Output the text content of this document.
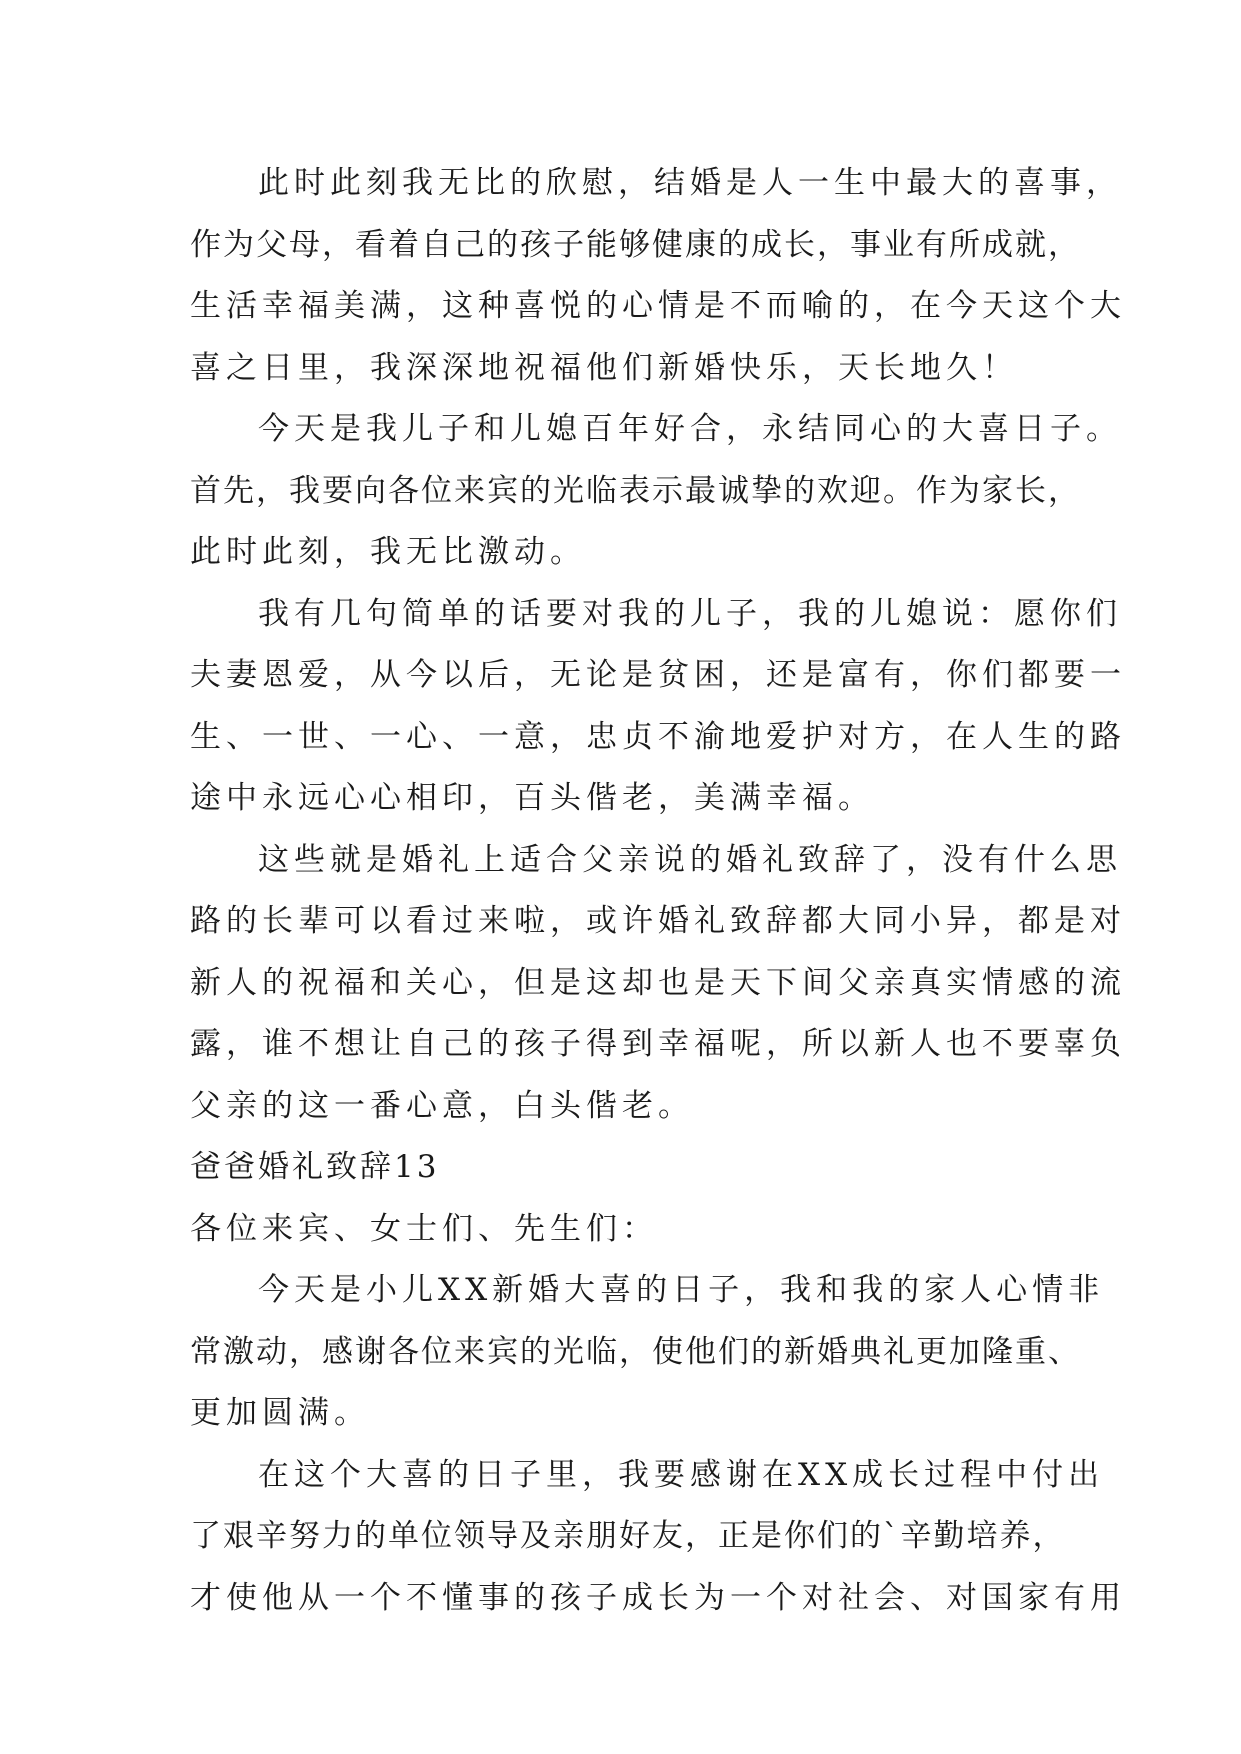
此时此刻我无比的欣慰，结婚是人一生中最大的喜事，
作为父母，看着自己的孩子能够健康的成长，事业有所成就，
生活幸福美满，这种喜悦的心情是不而喻的，在今天这个大
喜之日里，我深深地祝福他们新婚快乐，天长地久！
今天是我儿子和儿媳百年好合，永结同心的大喜日子。
首先，我要向各位来宾的光临表示最诚挚的欢迎。作为家长，
此时此刻，我无比激动。
我有几句简单的话要对我的儿子，我的儿媳说：愿你们
夫妻恩爱，从今以后，无论是贫困，还是富有，你们都要一
生、一世、一心、一意，忠贞不渝地爱护对方，在人生的路
途中永远心心相印，百头偕老，美满幸福。
这些就是婚礼上适合父亲说的婚礼致辞了，没有什么思
路的长辈可以看过来啦，或许婚礼致辞都大同小异，都是对
新人的祝福和关心，但是这却也是天下间父亲真实情感的流
露，谁不想让自己的孩子得到幸福呢，所以新人也不要辜负
父亲的这一番心意，白头偕老。
爸爸婚礼致辞13
各位来宾、女士们、先生们：
今天是小儿XX新婚大喜的日子，我和我的家人心情非
常激动，感谢各位来宾的光临，使他们的新婚典礼更加隆重、
更加圆满。
在这个大喜的日子里，我要感谢在XX成长过程中付出
了艰辛努力的单位领导及亲朋好友，正是你们的`辛勤培养，
才使他从一个不懂事的孩子成长为一个对社会、对国家有用
